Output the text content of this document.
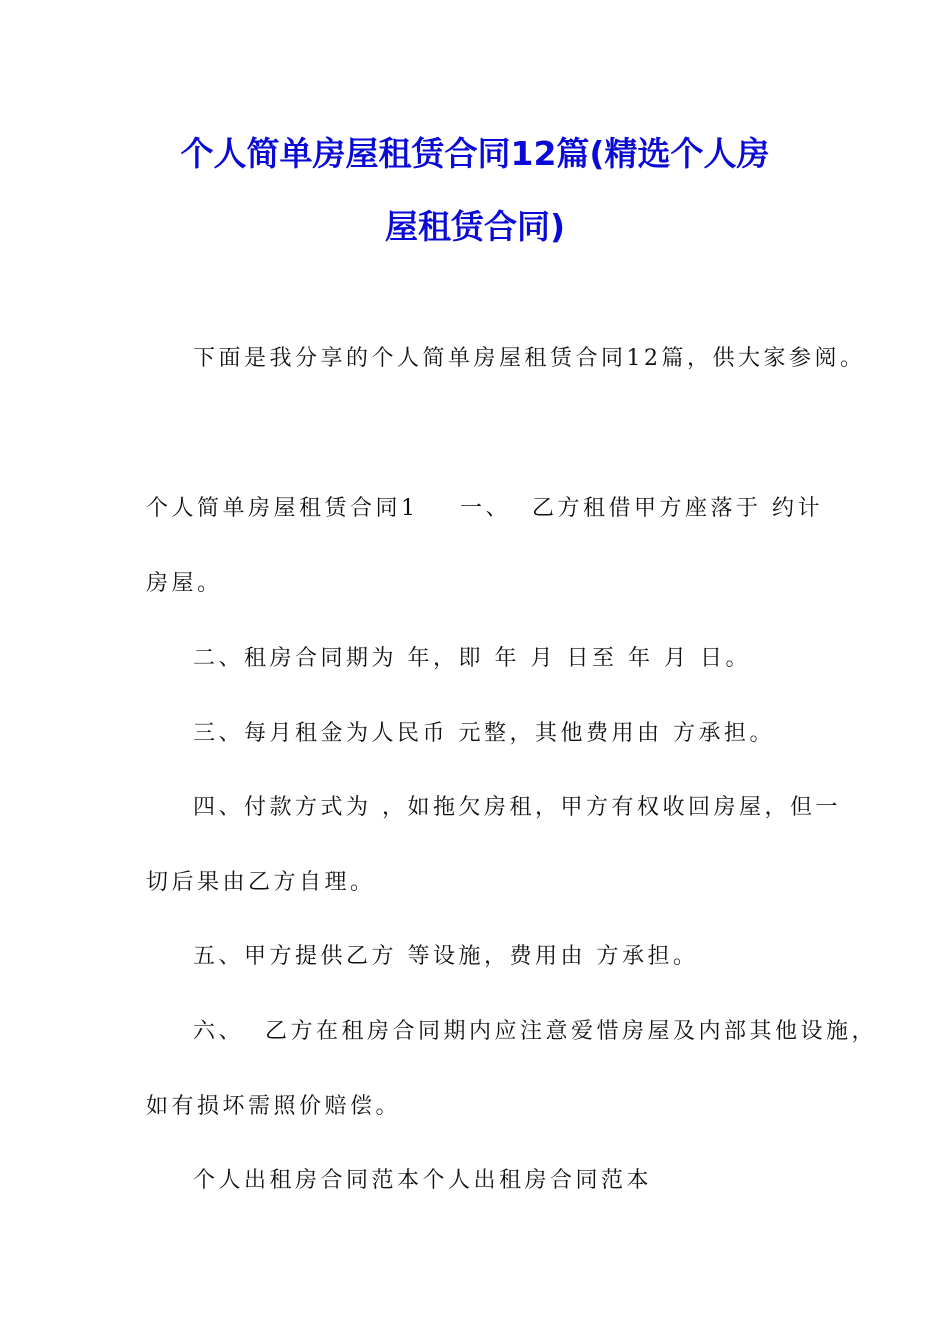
个人简单房屋租赁合同12篇(精选个人房
屋租赁合同)
下面是我分享的个人简单房屋租赁合同12篇，供大家参阅。
个人简单房屋租赁合同1 一、  乙方租借甲方座落于 约计
房屋。
二、租房合同期为 年，即 年 月 日至 年 月 日。
三、每月租金为人民币 元整，其他费用由 方承担。
四、付款方式为 ，如拖欠房租，甲方有权收回房屋，但一
切后果由乙方自理。
五、甲方提供乙方 等设施，费用由 方承担。
六、  乙方在租房合同期内应注意爱惜房屋及内部其他设施，
如有损坏需照价赔偿。
个人出租房合同范本个人出租房合同范本
